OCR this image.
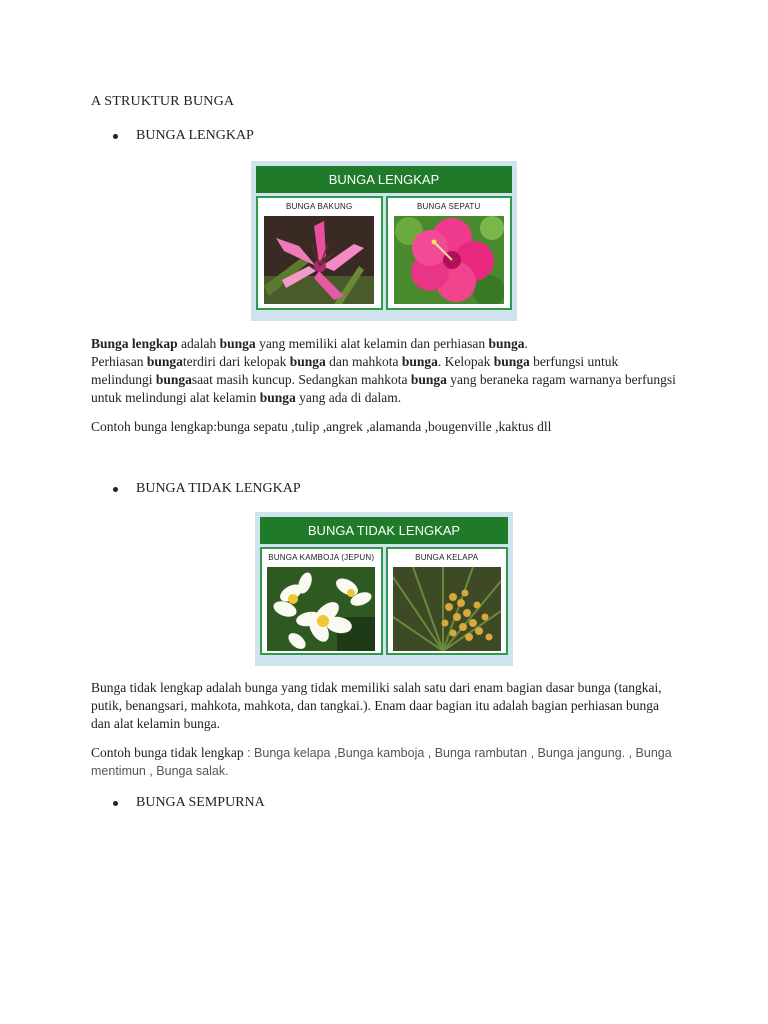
A STRUKTUR BUNGA
BUNGA LENGKAP
BUNGA LENGKAP
BUNGA BAKUNG	BUNGA SEPATU
Bunga lengkap adalah bunga yang memiliki alat kelamin dan perhiasan bunga.
Perhiasan bungaterdiri dari kelopak bunga dan mahkota bunga. Kelopak bunga berfungsi untuk melindungi bungasaat masih kuncup. Sedangkan mahkota bunga yang beraneka ragam warnanya berfungsi untuk melindungi alat kelamin bunga yang ada di dalam.
Contoh bunga lengkap:bunga sepatu ,tulip ,angrek ,alamanda ,bougenville ,kaktus dll
BUNGA TIDAK LENGKAP
BUNGA TIDAK LENGKAP
BUNGA KAMBOJA (JEPUN)	BUNGA KELAPA
Bunga tidak lengkap adalah bunga yang tidak memiliki salah satu dari enam bagian dasar bunga (tangkai, putik, benangsari, mahkota, mahkota, dan tangkai.). Enam daar bagian itu adalah bagian perhiasan bunga dan alat kelamin bunga.
Contoh bunga tidak lengkap : Bunga kelapa ,Bunga kamboja , Bunga rambutan , Bunga jangung. , Bunga mentimun , Bunga salak.
BUNGA SEMPURNA
